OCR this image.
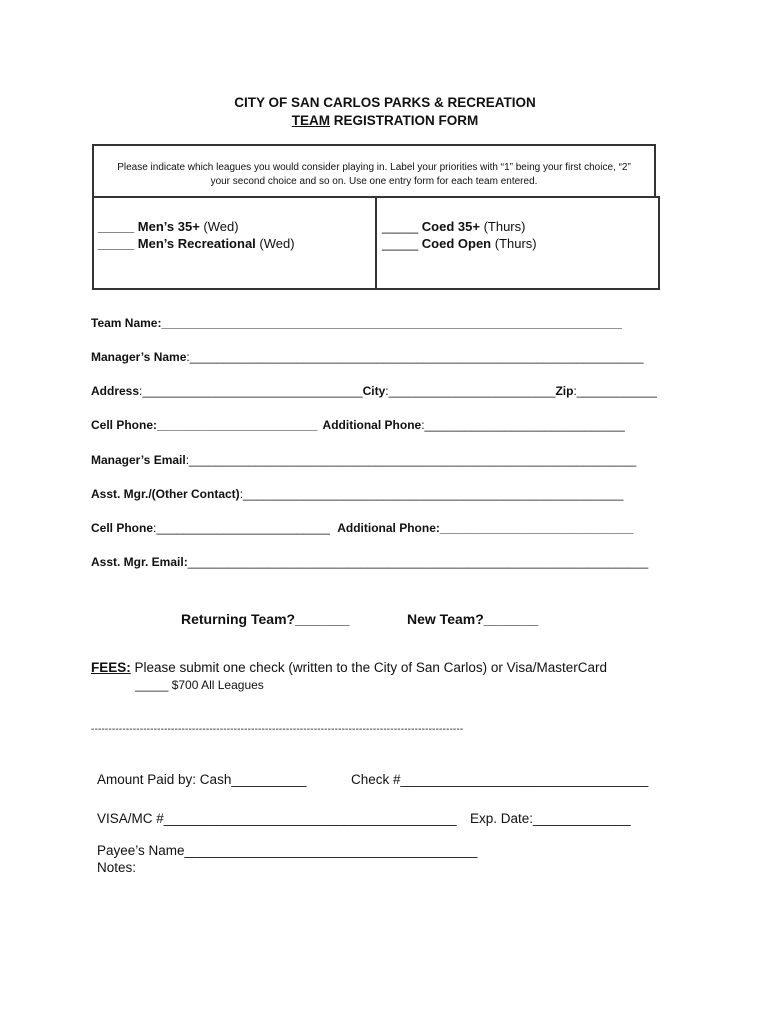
CITY OF SAN CARLOS PARKS & RECREATION
TEAM REGISTRATION FORM
Please indicate which leagues you would consider playing in. Label your priorities with “1” being your first choice, “2” your second choice and so on. Use one entry form for each team entered.
_____ Men’s 35+ (Wed)
_____ Men’s Recreational (Wed)
_____ Coed 35+ (Thurs)
_____ Coed Open (Thurs)
Team Name:_____________________________________________________________________
Manager’s Name:____________________________________________________________________
Address:_________________________________City:_________________________Zip:____________
Cell Phone:________________________ Additional Phone:______________________________
Manager’s Email:___________________________________________________________________
Asst. Mgr./(Other Contact):_________________________________________________________
Cell Phone:__________________________ Additional Phone:_____________________________
Asst. Mgr. Email:_____________________________________________________________________
Returning Team?_______	New Team?_______
FEES: Please submit one check (written to the City of San Carlos) or Visa/MasterCard
_____ $700 All Leagues
-----------------------------------------------------------------------------------------------------------
Amount Paid by: Cash__________	Check #_________________________________
VISA/MC #_______________________________________ Exp. Date:_____________
Payee’s Name_______________________________________
Notes:
